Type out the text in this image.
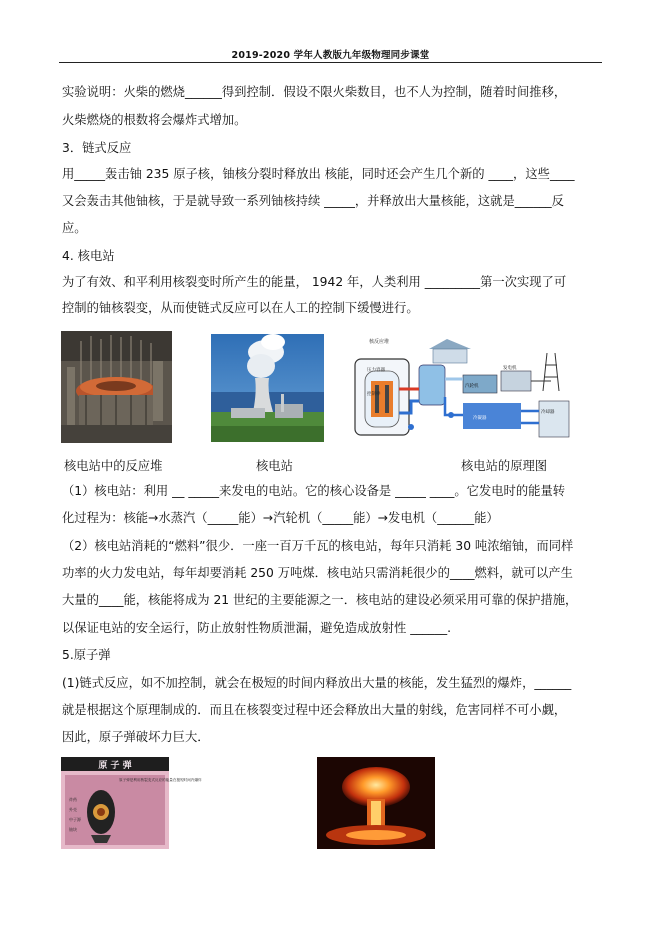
2019-2020 学年人教版九年级物理同步课堂
实验说明：火柴的燃烧______得到控制．假设不限火柴数目，也不人为控制，随着时间推移，
火柴燃烧的根数将会爆炸式增加。
3．链式反应
用_____轰击铀 235 原子核，铀核分裂时释放出 核能，同时还会产生几个新的 ____，这些____
又会轰击其他铀核，于是就导致一系列铀核持续 _____，并释放出大量核能，这就是______反
应。
4. 核电站
为了有效、和平利用核裂变时所产生的能量， 1942 年，人类利用 _________第一次实现了可
控制的铀核裂变，从而使链式反应可以在人工的控制下缓慢进行。
核反应堆
压力容器
控制棒
汽轮机
发电机
冷凝器
冷却器
核电站中的反应堆	核电站	核电站的原理图
（1）核电站：利用 __ _____来发电的电站。它的核心设备是 _____ ____。它发电时的能量转
化过程为：核能→水蒸汽（_____能）→汽轮机（_____能）→发电机（______能）
（2）核电站消耗的“燃料”很少．一座一百万千瓦的核电站，每年只消耗 30 吨浓缩铀，而同样
功率的火力发电站，每年却要消耗 250 万吨煤．核电站只需消耗很少的____燃料，就可以产生
大量的____能，核能将成为 21 世纪的主要能源之一．核电站的建设必须采用可靠的保护措施，
以保证电站的安全运行，防止放射性物质泄漏，避免造成放射性 ______.
5.原子弹
(1)链式反应，如不加控制，就会在极短的时间内释放出大量的核能，发生猛烈的爆炸，______
就是根据这个原理制成的．而且在核裂变过程中还会释放出大量的射线，危害同样不可小觑，
因此，原子弹破坏力巨大．
原 子 弹
原子弹是利用核裂变式反应的能量在极短时间内爆炸
炸药
外壳
中子源
铀块
